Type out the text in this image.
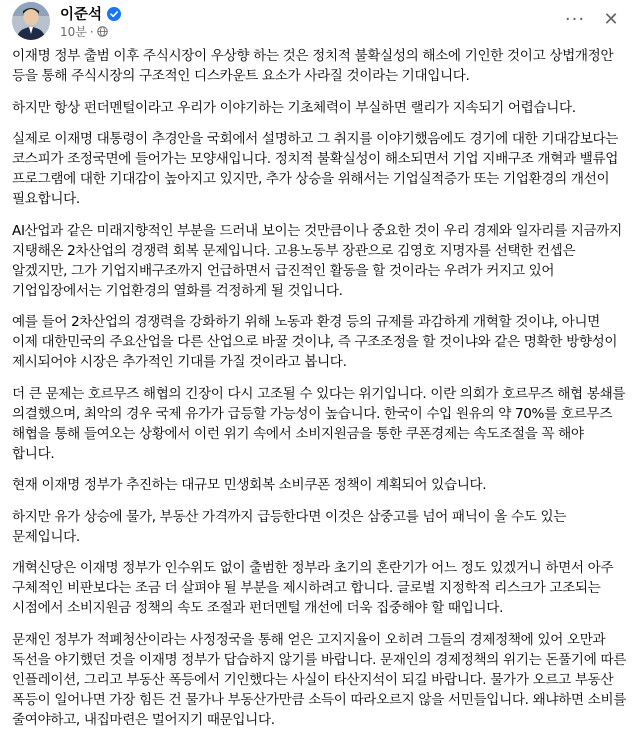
이준석
10분 ·
···	✕

이재명 정부 출범 이후 주식시장이 우상향 하는 것은 정치적 불확실성의 해소에 기인한 것이고 상법개정안 등을 통해 주식시장의 구조적인 디스카운트 요소가 사라질 것이라는 기대입니다.

하지만 항상 펀더멘털이라고 우리가 이야기하는 기초체력이 부실하면 랠리가 지속되기 어렵습니다.

실제로 이재명 대통령이 추경안을 국회에서 설명하고 그 취지를 이야기했음에도 경기에 대한 기대감보다는 코스피가 조정국면에 들어가는 모양새입니다. 정치적 불확실성이 해소되면서 기업 지배구조 개혁과 밸류업 프로그램에 대한 기대감이 높아지고 있지만, 추가 상승을 위해서는 기업실적증가 또는 기업환경의 개선이 필요합니다.

AI산업과 같은 미래지향적인 부분을 드러내 보이는 것만큼이나 중요한 것이 우리 경제와 일자리를 지금까지 지탱해온 2차산업의 경쟁력 회복 문제입니다. 고용노동부 장관으로 김영호 지명자를 선택한 컨셉은 알겠지만, 그가 기업지배구조까지 언급하면서 급진적인 활동을 할 것이라는 우려가 커지고 있어 기업입장에서는 기업환경의 열화를 걱정하게 될 것입니다.

예를 들어 2차산업의 경쟁력을 강화하기 위해 노동과 환경 등의 규제를 과감하게 개혁할 것이냐, 아니면 이제 대한민국의 주요산업을 다른 산업으로 바꿀 것이냐, 즉 구조조정을 할 것이냐와 같은 명확한 방향성이 제시되어야 시장은 추가적인 기대를 가질 것이라고 봅니다.

더 큰 문제는 호르무즈 해협의 긴장이 다시 고조될 수 있다는 위기입니다. 이란 의회가 호르무즈 해협 봉쇄를 의결했으며, 최악의 경우 국제 유가가 급등할 가능성이 높습니다. 한국이 수입 원유의 약 70%를 호르무즈 해협을 통해 들여오는 상황에서 이런 위기 속에서 소비지원금을 통한 쿠폰경제는 속도조절을 꼭 해야 합니다.

현재 이재명 정부가 추진하는 대규모 민생회복 소비쿠폰 정책이 계획되어 있습니다.

하지만 유가 상승에 물가, 부동산 가격까지 급등한다면 이것은 삼중고를 넘어 패닉이 올 수도 있는 문제입니다.

개혁신당은 이재명 정부가 인수위도 없이 출범한 정부라 초기의 혼란기가 어느 정도 있겠거니 하면서 아주 구체적인 비판보다는 조금 더 살펴야 될 부분을 제시하려고 합니다. 글로벌 지정학적 리스크가 고조되는 시점에서 소비지원금 정책의 속도 조절과 펀더멘털 개선에 더욱 집중해야 할 때입니다.

문재인 정부가 적폐청산이라는 사정정국을 통해 얻은 고지지율이 오히려 그들의 경제정책에 있어 오만과 독선을 야기했던 것을 이재명 정부가 답습하지 않기를 바랍니다. 문재인의 경제정책의 위기는 돈풀기에 따른 인플레이션, 그리고 부동산 폭등에서 기인했다는 사실이 타산지석이 되길 바랍니다. 물가가 오르고 부동산 폭등이 일어나면 가장 힘든 건 물가나 부동산가만큼 소득이 따라오르지 않을 서민들입니다. 왜냐하면 소비를 줄여야하고, 내집마련은 멀어지기 때문입니다.
